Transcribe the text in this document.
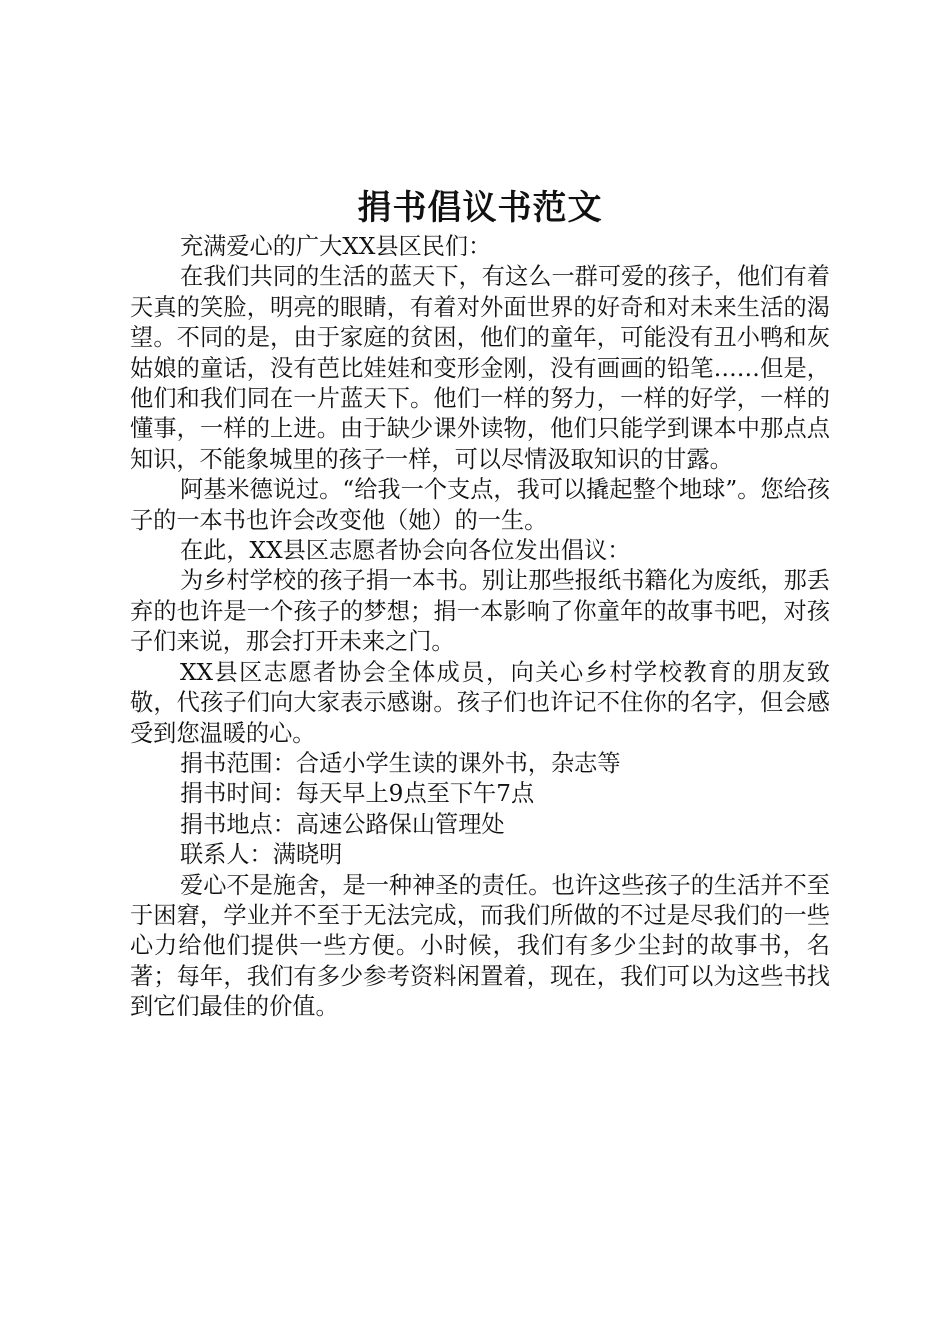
捐书倡议书范文

充满爱心的广大XX县区民们：

在我们共同的生活的蓝天下，有这么一群可爱的孩子，他们有着天真的笑脸，明亮的眼睛，有着对外面世界的好奇和对未来生活的渴望。不同的是，由于家庭的贫困，他们的童年，可能没有丑小鸭和灰姑娘的童话，没有芭比娃娃和变形金刚，没有画画的铅笔……但是，他们和我们同在一片蓝天下。他们一样的努力，一样的好学，一样的懂事，一样的上进。由于缺少课外读物，他们只能学到课本中那点点知识，不能象城里的孩子一样，可以尽情汲取知识的甘露。

阿基米德说过。“给我一个支点，我可以撬起整个地球”。您给孩子的一本书也许会改变他（她）的一生。

在此，XX县区志愿者协会向各位发出倡议：

为乡村学校的孩子捐一本书。别让那些报纸书籍化为废纸，那丢弃的也许是一个孩子的梦想；捐一本影响了你童年的故事书吧，对孩子们来说，那会打开未来之门。

XX县区志愿者协会全体成员，向关心乡村学校教育的朋友致敬，代孩子们向大家表示感谢。孩子们也许记不住你的名字，但会感受到您温暖的心。

捐书范围：合适小学生读的课外书，杂志等

捐书时间：每天早上9点至下午7点

捐书地点：高速公路保山管理处

联系人：满晓明

爱心不是施舍，是一种神圣的责任。也许这些孩子的生活并不至于困窘，学业并不至于无法完成，而我们所做的不过是尽我们的一些心力给他们提供一些方便。小时候，我们有多少尘封的故事书，名著；每年，我们有多少参考资料闲置着，现在，我们可以为这些书找到它们最佳的价值。
